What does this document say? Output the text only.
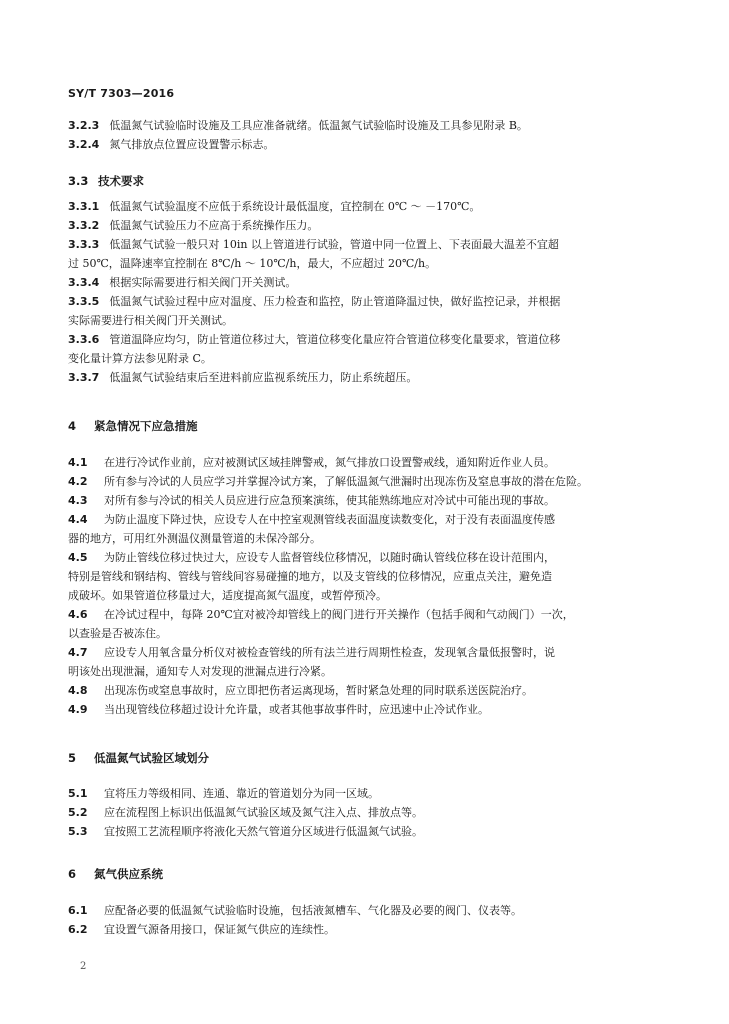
SY/T 7303—2016
3.2.3 低温氮气试验临时设施及工具应准备就绪。低温氮气试验临时设施及工具参见附录 B。
3.2.4 氮气排放点位置应设置警示标志。
3.3 技术要求
3.3.1 低温氮气试验温度不应低于系统设计最低温度，宜控制在 0℃ ～ －170℃。
3.3.2 低温氮气试验压力不应高于系统操作压力。
3.3.3 低温氮气试验一般只对 10in 以上管道进行试验，管道中同一位置上、下表面最大温差不宜超
过 50℃，温降速率宜控制在 8℃/h ～ 10℃/h，最大，不应超过 20℃/h。
3.3.4 根据实际需要进行相关阀门开关测试。
3.3.5 低温氮气试验过程中应对温度、压力检查和监控，防止管道降温过快，做好监控记录，并根据
实际需要进行相关阀门开关测试。
3.3.6 管道温降应均匀，防止管道位移过大，管道位移变化量应符合管道位移变化量要求，管道位移
变化量计算方法参见附录 C。
3.3.7 低温氮气试验结束后至进料前应监视系统压力，防止系统超压。
4 紧急情况下应急措施
4.1 在进行冷试作业前，应对被测试区域挂牌警戒，氮气排放口设置警戒线，通知附近作业人员。
4.2 所有参与冷试的人员应学习并掌握冷试方案，了解低温氮气泄漏时出现冻伤及窒息事故的潜在危险。
4.3 对所有参与冷试的相关人员应进行应急预案演练，使其能熟练地应对冷试中可能出现的事故。
4.4 为防止温度下降过快，应设专人在中控室观测管线表面温度读数变化，对于没有表面温度传感
器的地方，可用红外测温仪测量管道的未保冷部分。
4.5 为防止管线位移过快过大，应设专人监督管线位移情况，以随时确认管线位移在设计范围内，
特别是管线和钢结构、管线与管线间容易碰撞的地方，以及支管线的位移情况，应重点关注，避免造
成破坏。如果管道位移量过大，适度提高氮气温度，或暂停预冷。
4.6 在冷试过程中，每降 20℃宜对被冷却管线上的阀门进行开关操作（包括手阀和气动阀门）一次，
以查验是否被冻住。
4.7 应设专人用氧含量分析仪对被检查管线的所有法兰进行周期性检查，发现氧含量低报警时，说
明该处出现泄漏，通知专人对发现的泄漏点进行冷紧。
4.8 出现冻伤或窒息事故时，应立即把伤者运离现场，暂时紧急处理的同时联系送医院治疗。
4.9 当出现管线位移超过设计允许量，或者其他事故事件时，应迅速中止冷试作业。
5 低温氮气试验区域划分
5.1 宜将压力等级相同、连通、靠近的管道划分为同一区域。
5.2 应在流程图上标识出低温氮气试验区域及氮气注入点、排放点等。
5.3 宜按照工艺流程顺序将液化天然气管道分区域进行低温氮气试验。
6 氮气供应系统
6.1 应配备必要的低温氮气试验临时设施，包括液氮槽车、气化器及必要的阀门、仪表等。
6.2 宜设置气源备用接口，保证氮气供应的连续性。
2
